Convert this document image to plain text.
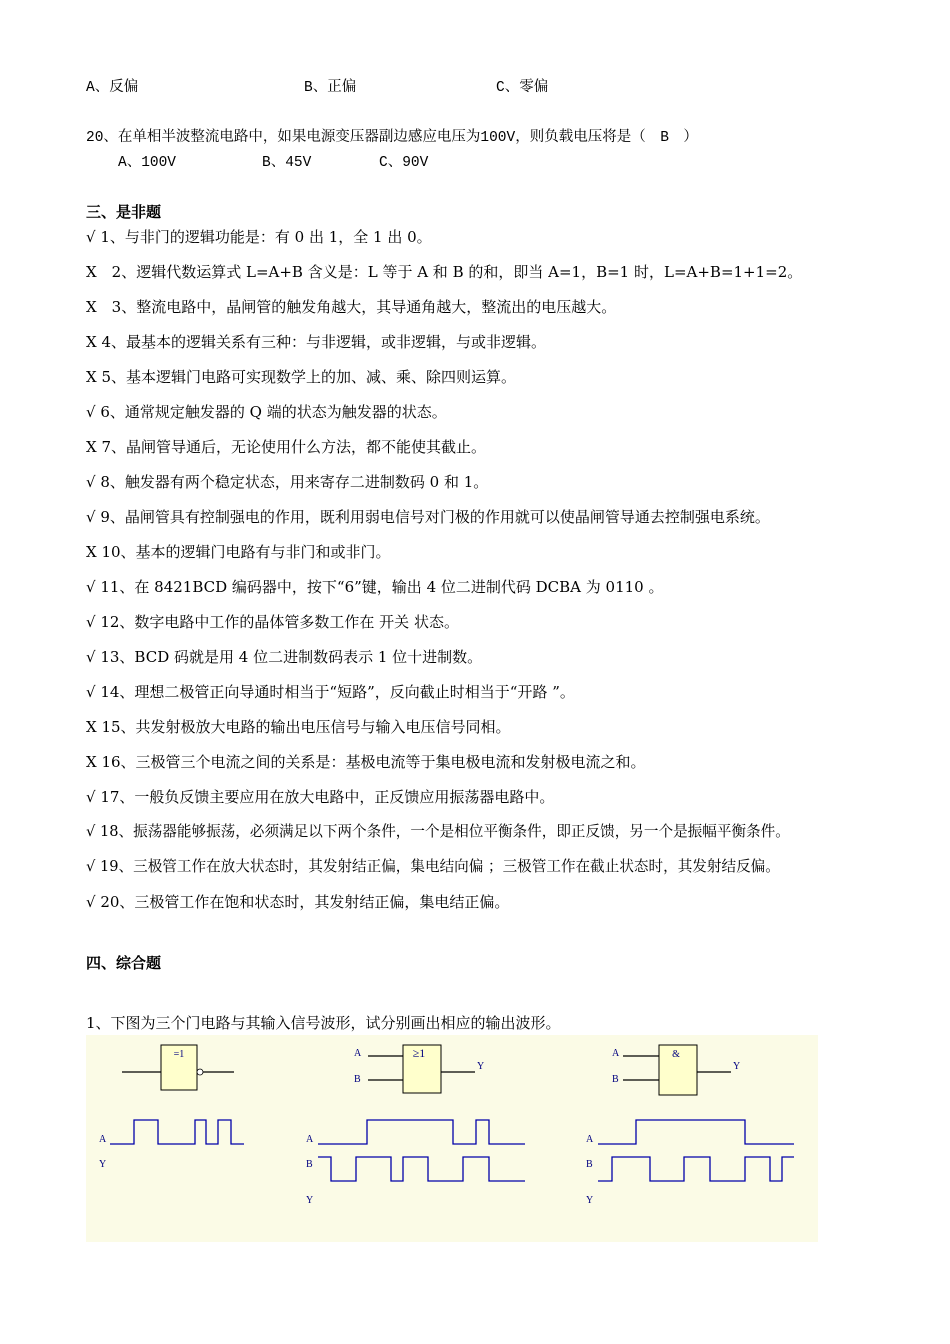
A、反偏	B、正偏	C、零偏
20、在单相半波整流电路中，如果电源变压器副边感应电压为100V，则负载电压将是（　B　）
A、100V	B、45V	C、90V
三、是非题
√ 1、与非门的逻辑功能是：有 0 出 1，全 1 出 0。
X　2、逻辑代数运算式 L=A+B 含义是：L 等于 A 和 B 的和，即当 A=1，B=1 时，L=A+B=1+1=2。
X　3、整流电路中，晶闸管的触发角越大，其导通角越大，整流出的电压越大。
X 4、最基本的逻辑关系有三种：与非逻辑，或非逻辑，与或非逻辑。
X 5、基本逻辑门电路可实现数学上的加、减、乘、除四则运算。
√ 6、通常规定触发器的 Q 端的状态为触发器的状态。
X 7、晶闸管导通后，无论使用什么方法，都不能使其截止。
√ 8、触发器有两个稳定状态，用来寄存二进制数码 0 和 1。
√ 9、晶闸管具有控制强电的作用，既利用弱电信号对门极的作用就可以使晶闸管导通去控制强电系统。
X 10、基本的逻辑门电路有与非门和或非门。
√ 11、在 8421BCD 编码器中，按下“6”键，输出 4 位二进制代码 DCBA 为 0110 。
√ 12、数字电路中工作的晶体管多数工作在 开关 状态。
√ 13、BCD 码就是用 4 位二进制数码表示 1 位十进制数。
√ 14、理想二极管正向导通时相当于“短路”，反向截止时相当于“开路 ”。
X 15、共发射极放大电路的输出电压信号与输入电压信号同相。
X 16、三极管三个电流之间的关系是：基极电流等于集电极电流和发射极电流之和。
√ 17、一般负反馈主要应用在放大电路中，正反馈应用振荡器电路中。
√ 18、振荡器能够振荡，必须满足以下两个条件，一个是相位平衡条件，即正反馈，另一个是振幅平衡条件。
√ 19、三极管工作在放大状态时，其发射结正偏，集电结向偏 ；三极管工作在截止状态时，其发射结反偏。
√ 20、三极管工作在饱和状态时，其发射结正偏，集电结正偏。
四、综合题
1、下图为三个门电路与其输入信号波形，试分别画出相应的输出波形。
=1	A
B
≥1
Y
A
B
&
Y
A
Y
A
B
Y
A
B
Y
